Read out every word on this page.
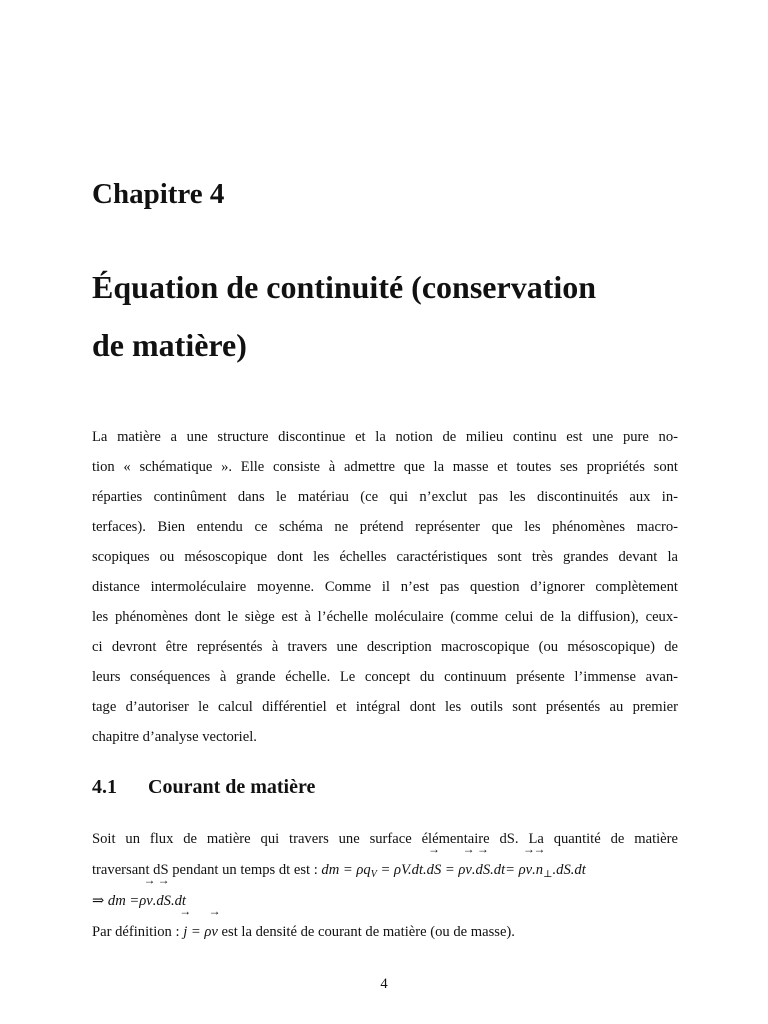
Chapitre 4
Équation de continuité (conservation
de matière)
La matière a une structure discontinue et la notion de milieu continu est une pure no-
tion « schématique ». Elle consiste à admettre que la masse et toutes ses propriétés sont
réparties continûment dans le matériau (ce qui n’exclut pas les discontinuités aux in-
terfaces). Bien entendu ce schéma ne prétend représenter que les phénomènes macro-
scopiques ou mésoscopique dont les échelles caractéristiques sont très grandes devant la
distance intermoléculaire moyenne. Comme il n’est pas question d’ignorer complètement
les phénomènes dont le siège est à l’échelle moléculaire (comme celui de la diffusion), ceux-
ci devront être représentés à travers une description macroscopique (ou mésoscopique) de
leurs conséquences à grande échelle. Le concept du continuum présente l’immense avan-
tage d’autoriser le calcul différentiel et intégral dont les outils sont présentés au premier
chapitre d’analyse vectoriel.
4.1 Courant de matière
Soit un flux de matière qui travers une surface élémentaire dS. La quantité de matière
traversant dS pendant un temps dt est : dm = $\rho q_V = \rho V.dt.\to$ dS = $\rho\to v.\to dS.dt= \rho\to v.\to n_\perp.dS.dt$
⇒ dm =ρ→ v.→ dS.dt
Par définition : → j = ρ→ v est la densité de courant de matière (ou de masse).
4
